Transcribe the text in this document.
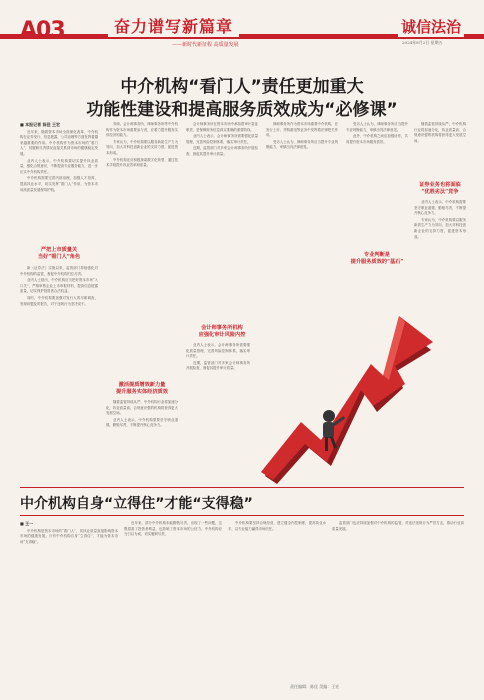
A03	奋力谱写新篇章
——新时代新征程 高质量发展
诚信法治
2024年8月2日 星期五
中介机构“看门人”责任更加重大
功能性建设和提高服务质效成为“必修课”
■ 本报记者 陈佳 王宏

近年来，随着资本市场全面深化改革，中介机构在证券发行、信息披露、公司治理等方面发挥着越来越重要的作用。中介机构作为资本市场的“看门人”，其履职尽责情况直接关系到市场的健康稳定发展。

业内人士表示，中介机构要切实提升执业质量，强化合规意识，不断提高专业服务能力，进一步压实中介机构责任。

中介机构需要完善内部治理，加强人才培养，提高执业水平，切实发挥“看门人”作用，为资本市场高质量发展保驾护航。

严把上市质量关
当好“看门人”角色

新《证券法》实施以来，监管部门持续强化对中介机构的监管，督促中介机构归位尽责。

业内人士指出，中介机构应当把好资本市场“入口关”，严格审核企业上市申报材料，提高信息披露质量，切实保护投资者合法权益。

同时，中介机构要加强对发行人的尽职调查，发现问题及时报告，对于违规行为坚决说不。

券商、会计师事务所、律师事务所等中介机构作为资本市场重要参与者，应着力提升服务实体经济的能力。

专家认为，中介机构要以服务新质生产力为导向，加大对科技创新企业的支持力度，促进资本形成。

中介机构还应积极探索数字化转型，通过技术手段提升执业效率和质量。

激活提质增效新力量
提升服务实体经济质效

随着监管持续从严，中介机构行业将加速分化，执业质量高、合规意识强的机构将获得更大发展空间。

业内人士表示，中介机构需要坚守职业道德，勤勉尽责，不断提升核心竞争力。

会计师事务所在资本市场中承担着审计鉴证职责，是保障财务信息真实准确的重要防线。

业内人士表示，会计师事务所需要强化质量管理，完善风险控制体系，落实审计责任。

近期，监管部门对多家会计师事务所开展检查，督促其提升审计质量。

会计师事务所机构
应强化审计风险内控

业内人士表示，会计师事务所需要强化质量管理，完善风险控制体系，落实审计责任。

近期，监管部门对多家会计师事务所开展检查，督促其提升审计质量。

律师事务所作为资本市场重要中介机构，在发行上市、并购重组等业务中发挥着法律把关作用。

受访人士认为，律师事务所应当提升专业判断能力，审慎出具法律意见。

专业判断是
提升服务质效的“基石”

受访人士认为，律师事务所应当提升专业判断能力，审慎出具法律意见。

此外，中介机构之间应加强协作，共同提升资本市场服务质效。

证券业务也将面临
“优胜劣汰”竞争

随着监管持续从严，中介机构行业将加速分化，执业质量高、合规意识强的机构将获得更大发展空间。

业内人士表示，中介机构需要坚守职业道德，勤勉尽责，不断提升核心竞争力。

专家认为，中介机构要以服务新质生产力为导向，加大对科技创新企业的支持力度，促进资本形成。

中介机构自身“立得住”才能“支得稳”
■ 王一

中介机构是资本市场的“看门人”，其执业质量直接影响资本市场的健康发展。只有中介机构自身“立得住”，才能为资本市场“支得稳”。

近年来，部分中介机构未能勤勉尽责，出现了一些问题，这既损害了投资者利益，也影响了资本市场的公信力。中介机构应当引以为戒，切实履职尽责。

中介机构要坚持合规经营，建立健全内控制度，提高执业水平，以专业能力赢得市场信任。

监管部门也应持续加强对中介机构的监管，对违法违规行为严厉打击，推动行业高质量发展。

责任编辑：陈佳 美编：王宏
